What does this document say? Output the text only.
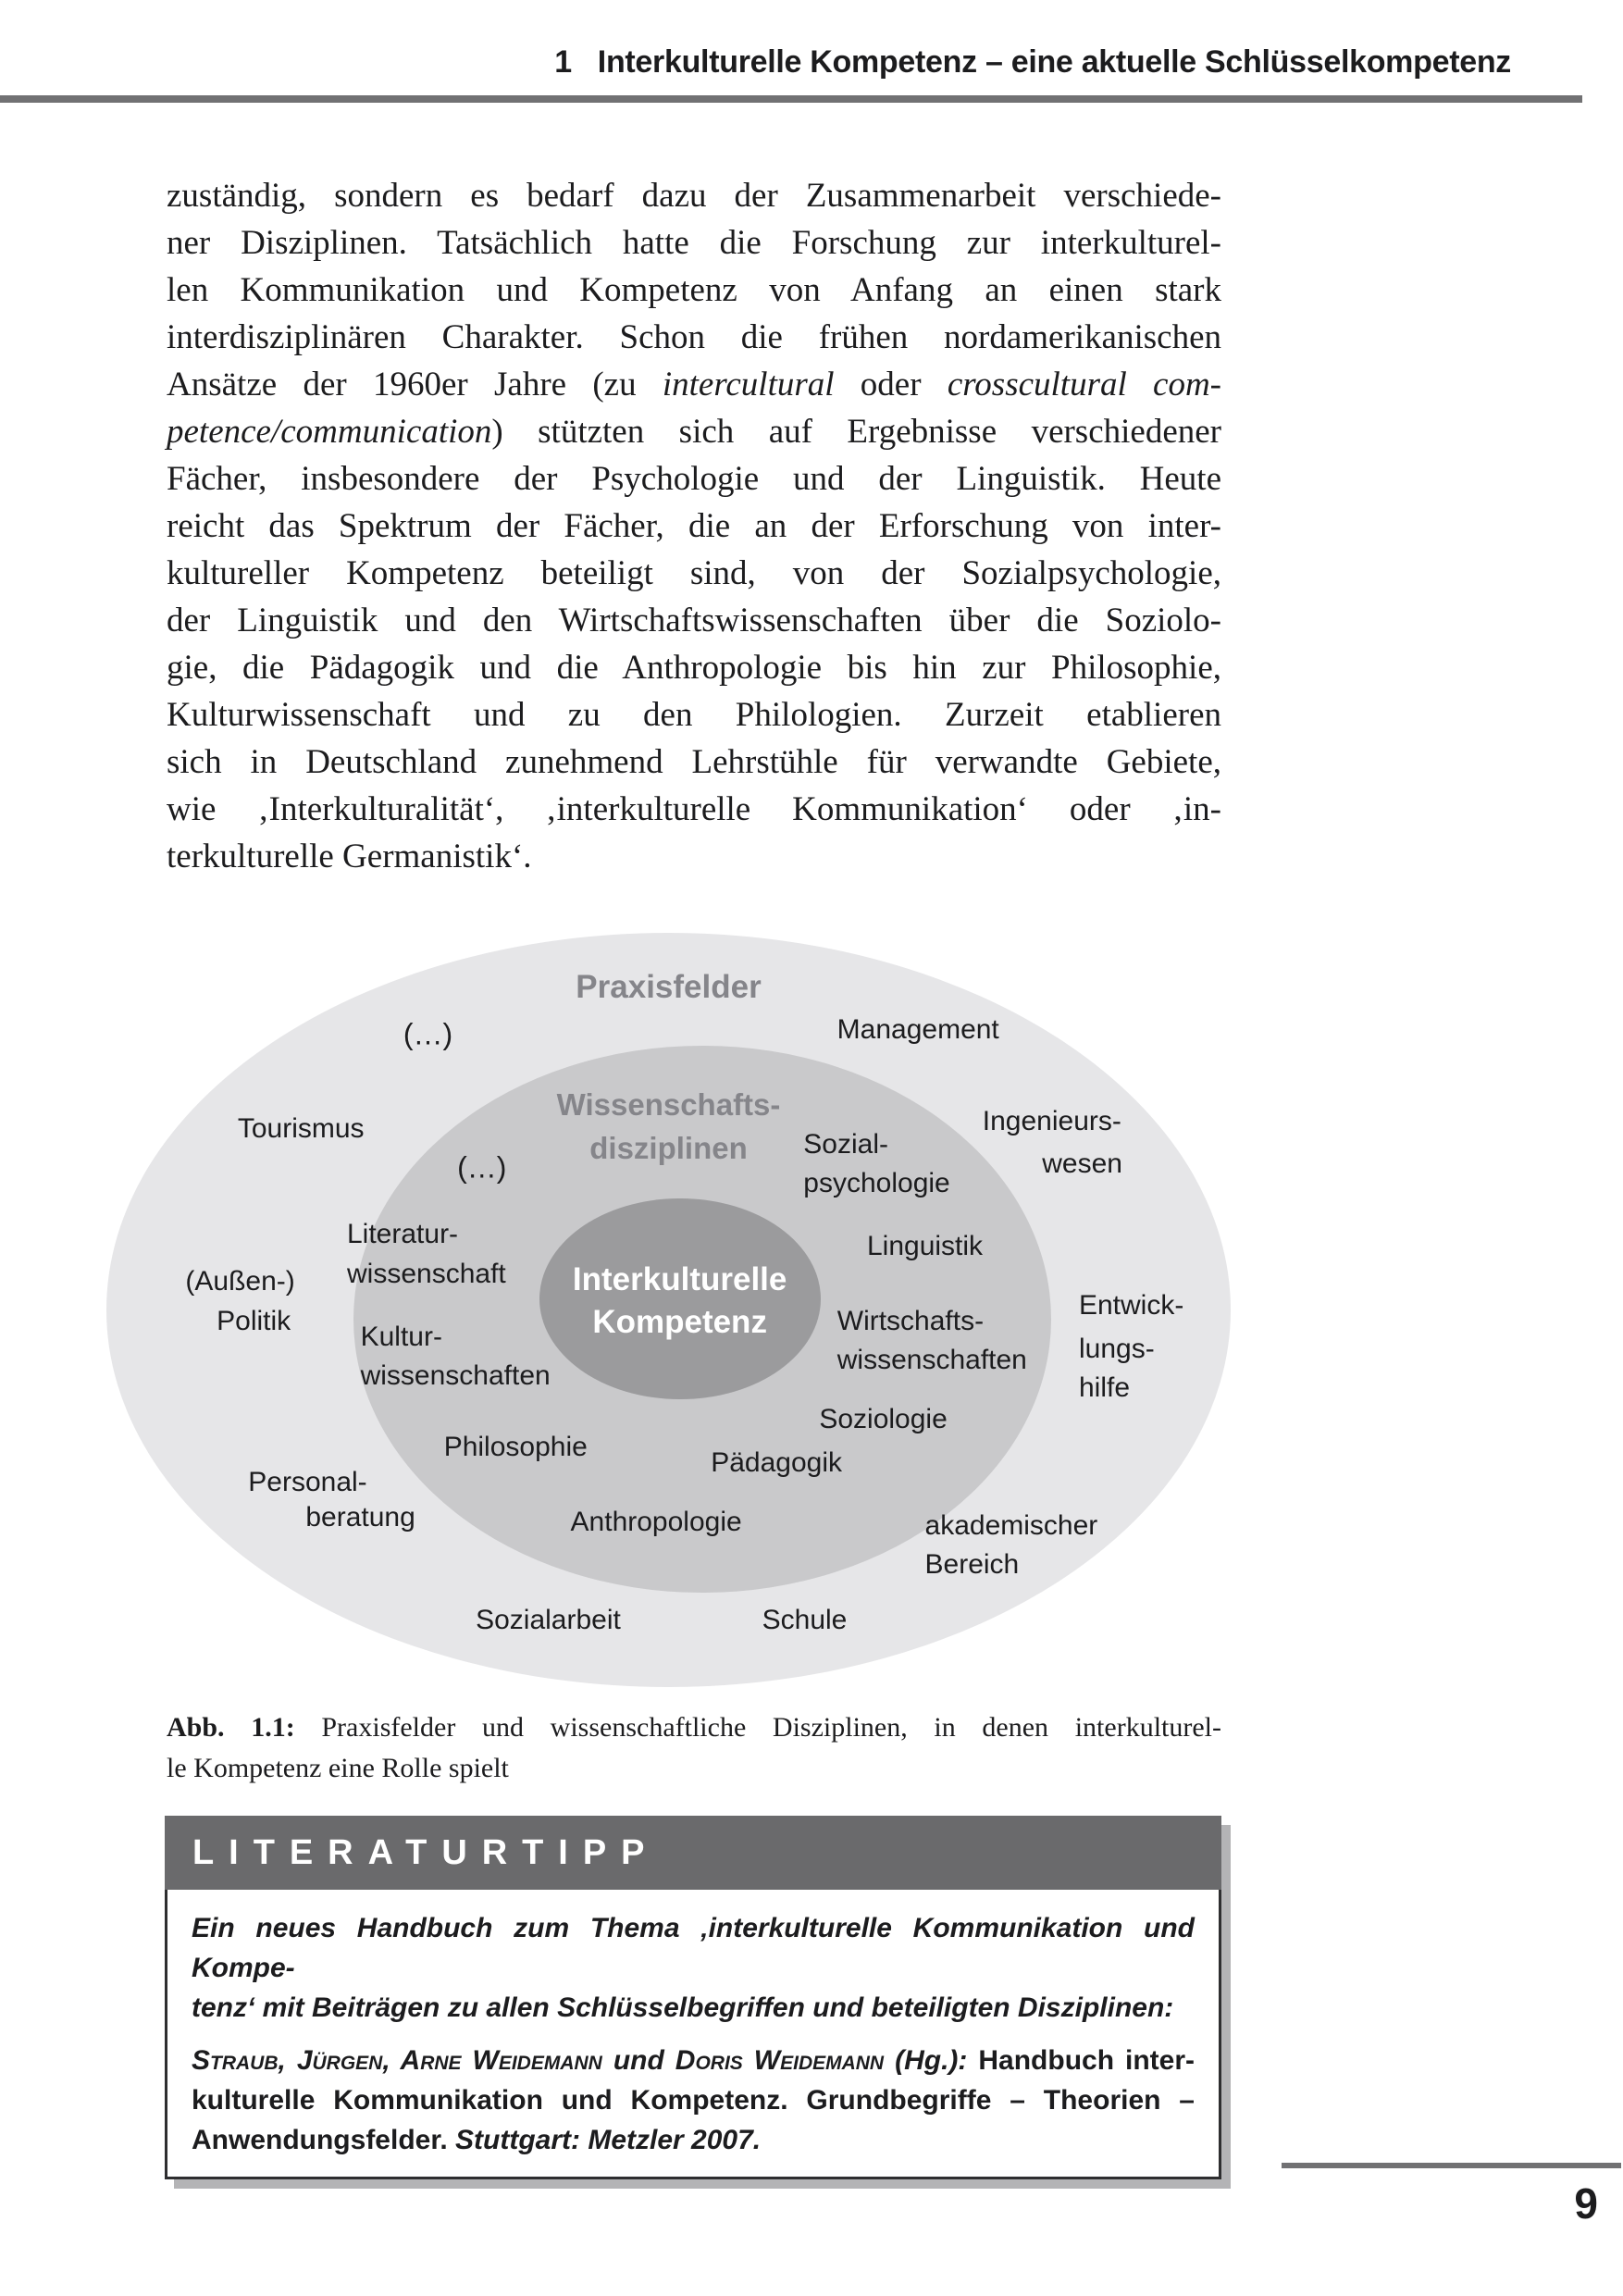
1 Interkulturelle Kompetenz – eine aktuelle Schlüsselkompetenz
zuständig, sondern es bedarf dazu der Zusammenarbeit verschiede-
ner Disziplinen. Tatsächlich hatte die Forschung zur interkulturel-
len Kommunikation und Kompetenz von Anfang an einen stark
interdisziplinären Charakter. Schon die frühen nordamerikanischen
Ansätze der 1960er Jahre (zu intercultural oder crosscultural com-
petence/communication) stützten sich auf Ergebnisse verschiedener
Fächer, insbesondere der Psychologie und der Linguistik. Heute
reicht das Spektrum der Fächer, die an der Erforschung von inter-
kultureller Kompetenz beteiligt sind, von der Sozialpsychologie,
der Linguistik und den Wirtschaftswissenschaften über die Soziolo-
gie, die Pädagogik und die Anthropologie bis hin zur Philosophie,
Kulturwissenschaft und zu den Philologien. Zurzeit etablieren
sich in Deutschland zunehmend Lehrstühle für verwandte Gebiete,
wie ‚Interkulturalität‘, ‚interkulturelle Kommunikation‘ oder ‚in-
terkulturelle Germanistik‘.
Interkulturelle
Kompetenz
Praxisfelder
(…)	Management
Tourismus
Wissenschafts-
disziplinen
(…)
Sozial-
psychologie
Ingenieurs-
wesen
Literatur-
wissenschaft
(Außen-)
Politik
Linguistik
Kultur-
wissenschaften
Wirtschafts-
wissenschaften
Entwick-
lungs-
hilfe
Soziologie
Philosophie
Pädagogik
Personal-
beratung	Anthropologie	akademischer
Bereich
Sozialarbeit	Schule
Abb. 1.1: Praxisfelder und wissenschaftliche Disziplinen, in denen interkulturel-
le Kompetenz eine Rolle spielt
LITERATURTIPP
Ein neues Handbuch zum Thema ‚interkulturelle Kommunikation und Kompe-
tenz‘ mit Beiträgen zu allen Schlüsselbegriffen und beteiligten Disziplinen:
Straub, Jürgen, Arne Weidemann und Doris Weidemann (Hg.): Handbuch inter-
kulturelle Kommunikation und Kompetenz. Grundbegriffe – Theorien –
Anwendungsfelder. Stuttgart: Metzler 2007.
9
